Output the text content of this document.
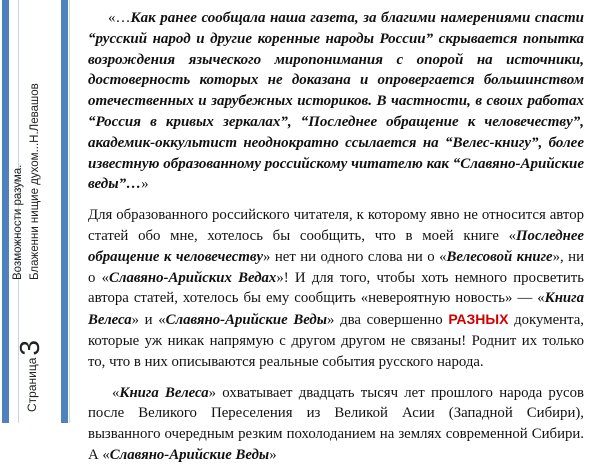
Возможности разума. Блаженни нищие духом...Н.Левашов
Страница3

«…Как ранее сообщала наша газета, за благими намерениями спасти “русский народ и другие коренные народы России” скрывается попытка возрождения языческого миропонимания с опорой на источники, достоверность которых не доказана и опровергается большинством отечественных и зарубежных историков. В частности, в своих работах “Россия в кривых зеркалах”, “Последнее обращение к человечеству”, академик-оккультист неоднократно ссылается на “Велес-книгу”, более известную образованному российскому читателю как “Славяно-Арийские веды”…»

Для образованного российского читателя, к которому явно не относится автор статей обо мне, хотелось бы сообщить, что в моей книге «Последнее обращение к человечеству» нет ни одного слова ни о «Велесовой книге», ни о «Славяно-Арийских Ведах»! И для того, чтобы хоть немного просветить автора статей, хотелось бы ему сообщить «невероятную новость» — «Книга Велеса» и «Славяно-Арийские Веды» два совершенно РАЗНЫХ документа, которые уж никак напрямую с другом другом не связаны! Роднит их только то, что в них описываются реальные события русского народа.

«Книга Велеса» охватывает двадцать тысяч лет прошлого народа русов после Великого Переселения из Великой Асии (Западной Сибири), вызванного очередным резким похолоданием на землях современной Сибири. А «Славяно-Арийские Веды»
